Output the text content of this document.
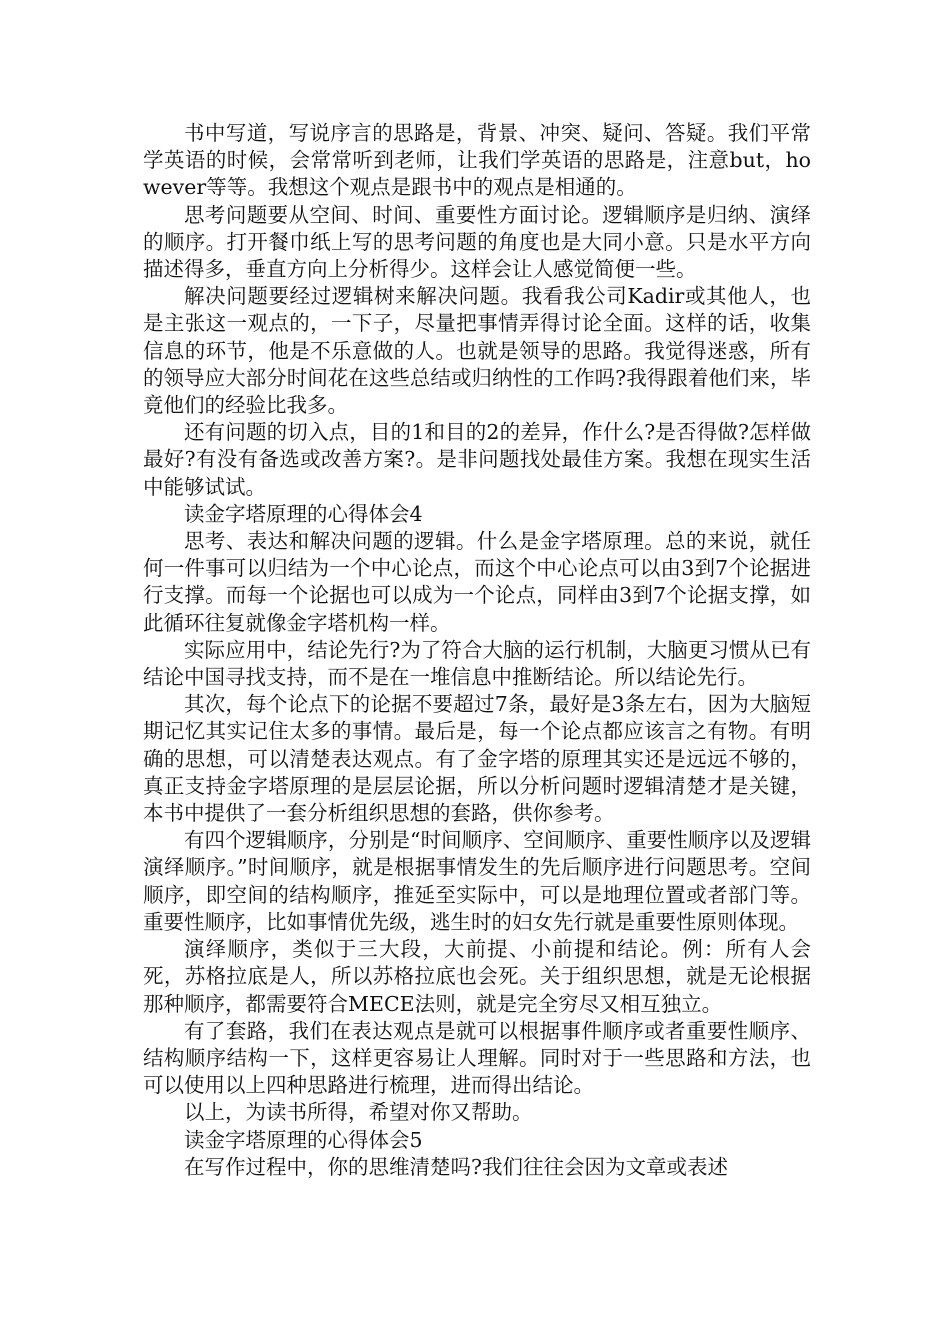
书中写道，写说序言的思路是，背景、冲突、疑问、答疑。我们平常学英语的时候，会常常听到老师，让我们学英语的思路是，注意but，however等等。我想这个观点是跟书中的观点是相通的。

思考问题要从空间、时间、重要性方面讨论。逻辑顺序是归纳、演绎的顺序。打开餐巾纸上写的思考问题的角度也是大同小意。只是水平方向描述得多，垂直方向上分析得少。这样会让人感觉简便一些。

解决问题要经过逻辑树来解决问题。我看我公司Kadir或其他人，也是主张这一观点的，一下子，尽量把事情弄得讨论全面。这样的话，收集信息的环节，他是不乐意做的人。也就是领导的思路。我觉得迷惑，所有的领导应大部分时间花在这些总结或归纳性的工作吗?我得跟着他们来，毕竟他们的经验比我多。

还有问题的切入点，目的1和目的2的差异，作什么?是否得做?怎样做最好?有没有备选或改善方案?。是非问题找处最佳方案。我想在现实生活中能够试试。

读金字塔原理的心得体会4

思考、表达和解决问题的逻辑。什么是金字塔原理。总的来说，就任何一件事可以归结为一个中心论点，而这个中心论点可以由3到7个论据进行支撑。而每一个论据也可以成为一个论点，同样由3到7个论据支撑，如此循环往复就像金字塔机构一样。

实际应用中，结论先行?为了符合大脑的运行机制，大脑更习惯从已有结论中国寻找支持，而不是在一堆信息中推断结论。所以结论先行。

其次，每个论点下的论据不要超过7条，最好是3条左右，因为大脑短期记忆其实记住太多的事情。最后是，每一个论点都应该言之有物。有明确的思想，可以清楚表达观点。有了金字塔的原理其实还是远远不够的，真正支持金字塔原理的是层层论据，所以分析问题时逻辑清楚才是关键，本书中提供了一套分析组织思想的套路，供你参考。

有四个逻辑顺序，分别是“时间顺序、空间顺序、重要性顺序以及逻辑演绎顺序。”时间顺序，就是根据事情发生的先后顺序进行问题思考。空间顺序，即空间的结构顺序，推延至实际中，可以是地理位置或者部门等。重要性顺序，比如事情优先级，逃生时的妇女先行就是重要性原则体现。

演绎顺序，类似于三大段，大前提、小前提和结论。例：所有人会死，苏格拉底是人，所以苏格拉底也会死。关于组织思想，就是无论根据那种顺序，都需要符合MECE法则，就是完全穷尽又相互独立。

有了套路，我们在表达观点是就可以根据事件顺序或者重要性顺序、结构顺序结构一下，这样更容易让人理解。同时对于一些思路和方法，也可以使用以上四种思路进行梳理，进而得出结论。

以上，为读书所得，希望对你又帮助。

读金字塔原理的心得体会5

在写作过程中，你的思维清楚吗?我们往往会因为文章或表述
